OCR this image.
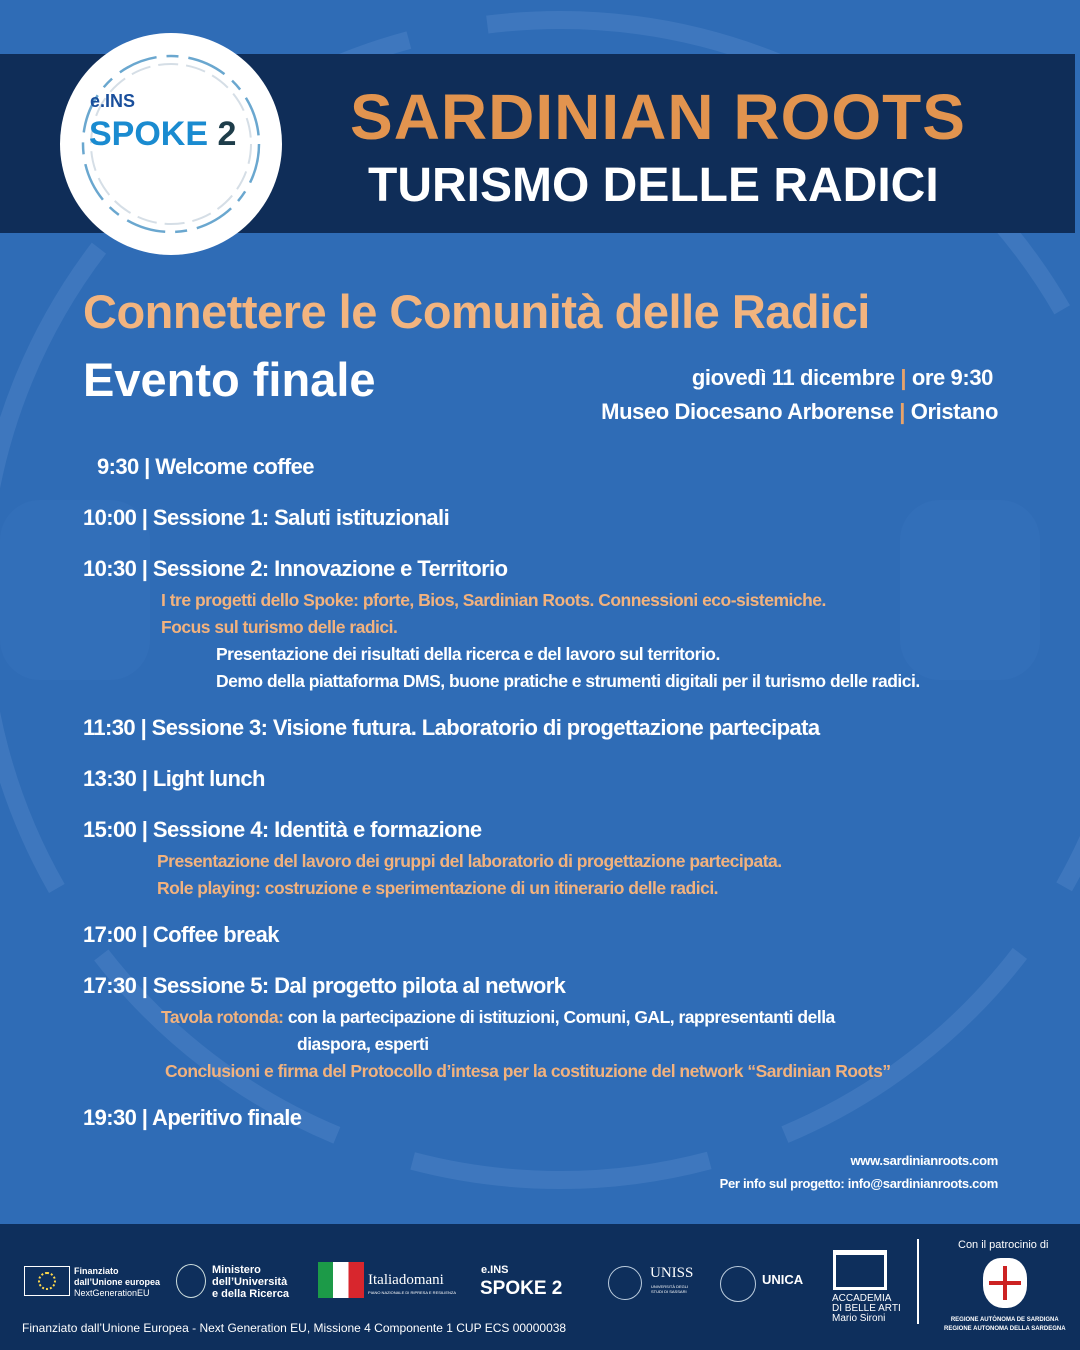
e.INS
SPOKE 2 SARDINIAN ROOTS
TURISMO DELLE RADICI
Connettere le Comunità delle Radici
Evento finale	giovedì 11 dicembre | ore 9:30
Museo Diocesano Arborense | Oristano
9:30 | Welcome coffee
10:00 | Sessione 1: Saluti istituzionali
10:30 | Sessione 2: Innovazione e Territorio
I tre progetti dello Spoke: pforte, Bios, Sardinian Roots. Connessioni eco-sistemiche.
Focus sul turismo delle radici.
Presentazione dei risultati della ricerca e del lavoro sul territorio.
Demo della piattaforma DMS, buone pratiche e strumenti digitali per il turismo delle radici.
11:30 | Sessione 3: Visione futura. Laboratorio di progettazione partecipata
13:30 | Light lunch
15:00 | Sessione 4: Identità e formazione
Presentazione del lavoro dei gruppi del laboratorio di progettazione partecipata.
Role playing: costruzione e sperimentazione di un itinerario delle radici.
17:00 | Coffee break
17:30 | Sessione 5: Dal progetto pilota al network
Tavola rotonda: con la partecipazione di istituzioni, Comuni, GAL, rappresentanti della
diaspora, esperti
Conclusioni e firma del Protocollo d’intesa per la costituzione del network “Sardinian Roots”
19:30 | Aperitivo finale
www.sardinianroots.com
Per info sul progetto: info@sardinianroots.com
Finanziato
dall’Unione europea
NextGenerationEU
Ministero
dell’Università
e della Ricerca
Italiadomani
PIANO NAZIONALE DI RIPRESA E RESILIENZA
e.INS
SPOKE 2
UNISS
UNIVERSITÀ DEGLI STUDI DI SASSARI
UNICA
ACCADEMIA
DI BELLE ARTI
Mario Sironi
Con il patrocinio di
REGIONE AUTÒNOMA DE SARDIGNA
REGIONE AUTONOMA DELLA SARDEGNA
Finanziato dall’Unione Europea - Next Generation EU, Missione 4 Componente 1 CUP ECS 00000038
